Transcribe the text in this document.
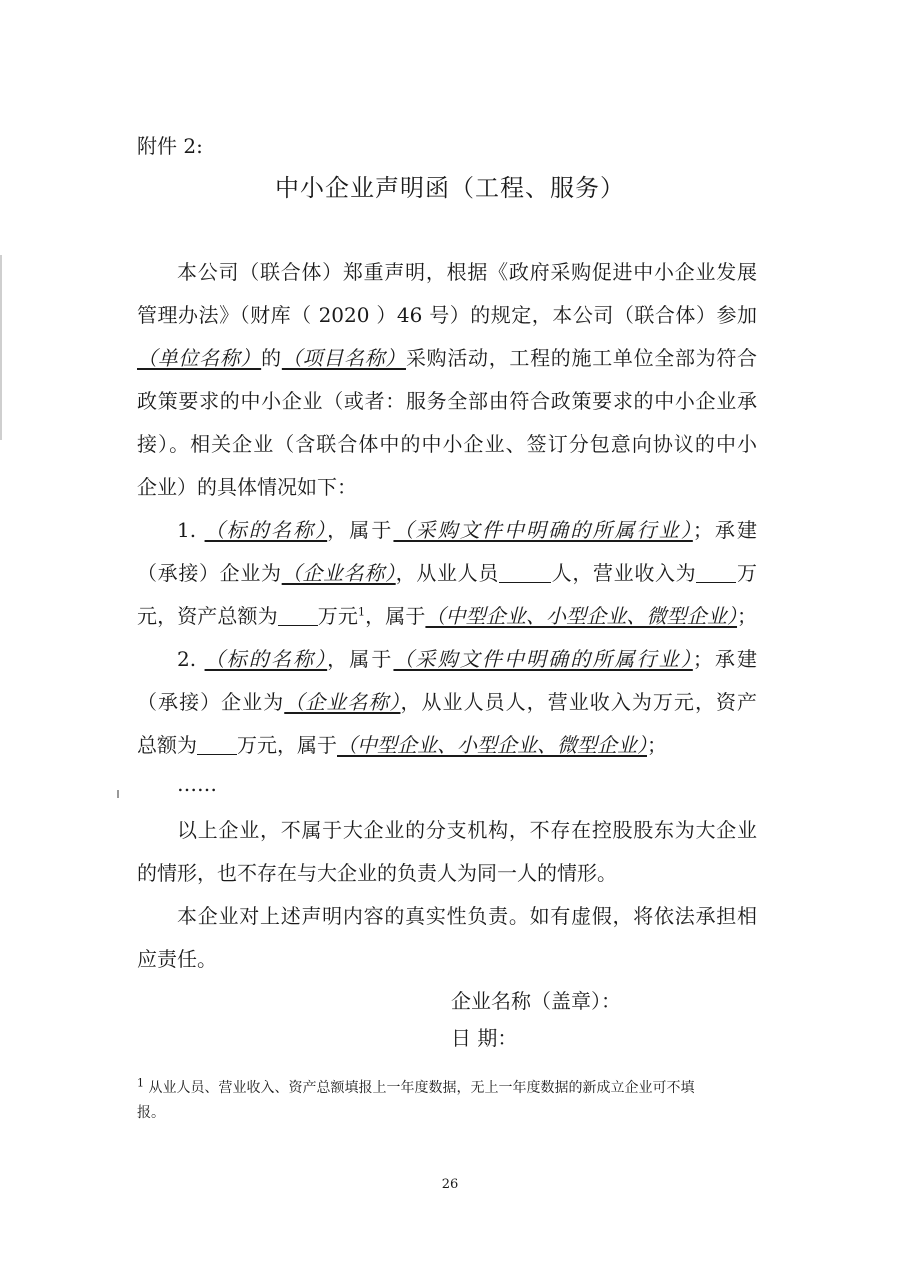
附件 2:
中小企业声明函（工程、服务）
本公司（联合体）郑重声明，根据《政府采购促进中小企业发展
管理办法》（财库（ 2020 ）46 号）的规定，本公司（联合体）参加
（单位名称）的（项目名称）采购活动，工程的施工单位全部为符合
政策要求的中小企业（或者：服务全部由符合政策要求的中小企业承
接）。相关企业（含联合体中的中小企业、签订分包意向协议的中小
企业）的具体情况如下：
1. （标的名称），属于（采购文件中明确的所属行业）；承建
（承接）企业为（企业名称），从业人员	人，营业收入为 万
元，资产总额为 万元$^1$，属于（中型企业、小型企业、微型企业）；
2. （标的名称），属于（采购文件中明确的所属行业）；承建
（承接）企业为（企业名称），从业人员人，营业收入为万元，资产
总额为 万元，属于（中型企业、小型企业、微型企业）；
……
以上企业，不属于大企业的分支机构，不存在控股股东为大企业
的情形，也不存在与大企业的负责人为同一人的情形。
本企业对上述声明内容的真实性负责。如有虚假，将依法承担相
应责任。
企业名称（盖章）：
日 期：
$^1$ 从业人员、营业收入、资产总额填报上一年度数据，无上一年度数据的新成立企业可不填
报。
26
